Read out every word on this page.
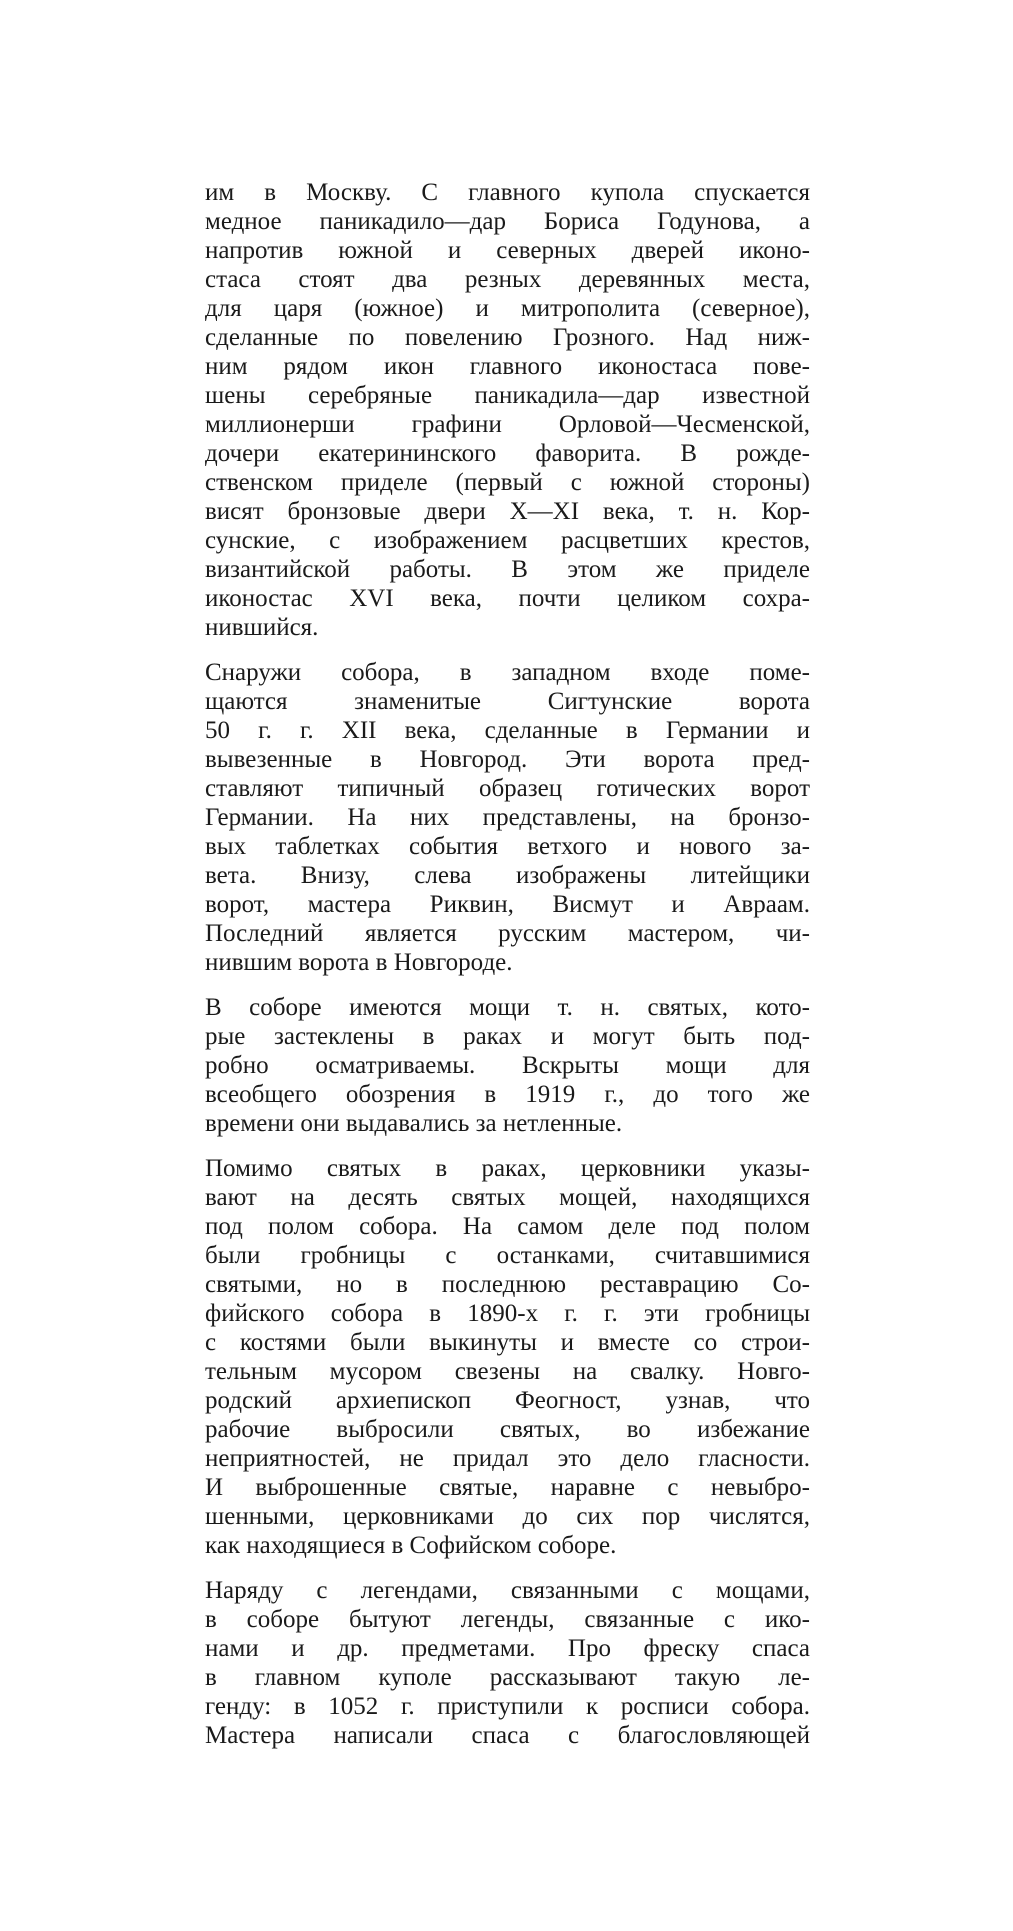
им в Москву. С главного купола спускается
медное паникадило—дар Бориса Годунова, а
напротив южной и северных дверей иконо-
стаса стоят два резных деревянных места,
для царя (южное) и митрополита (северное),
сделанные по повелению Грозного. Над ниж-
ним рядом икон главного иконостаса пове-
шены серебряные паникадила—дар известной
миллионерши графини Орловой—Чесменской,
дочери екатерининского фаворита. В рожде-
ственском приделе (первый с южной стороны)
висят бронзовые двери X—XI века, т. н. Кор-
сунские, с изображением расцветших крестов,
византийской работы. В этом же приделе
иконостас XVI века, почти целиком сохра-
нившийся.
Снаружи собора, в западном входе поме-
щаются знаменитые Сигтунские ворота
50 г. г. XII века, сделанные в Германии и
вывезенные в Новгород. Эти ворота пред-
ставляют типичный образец готических ворот
Германии. На них представлены, на бронзо-
вых таблетках события ветхого и нового за-
вета. Внизу, слева изображены литейщики
ворот, мастера Риквин, Висмут и Авраам.
Последний является русским мастером, чи-
нившим ворота в Новгороде.
В соборе имеются мощи т. н. святых, кото-
рые застеклены в раках и могут быть под-
робно осматриваемы. Вскрыты мощи для
всеобщего обозрения в 1919 г., до того же
времени они выдавались за нетленные.
Помимо святых в раках, церковники указы-
вают на десять святых мощей, находящихся
под полом собора. На самом деле под полом
были гробницы с останками, считавшимися
святыми, но в последнюю реставрацию Со-
фийского собора в 1890-х г. г. эти гробницы
с костями были выкинуты и вместе со строи-
тельным мусором свезены на свалку. Новго-
родский архиепископ Феогност, узнав, что
рабочие выбросили святых, во избежание
неприятностей, не придал это дело гласности.
И выброшенные святые, наравне с невыбро-
шенными, церковниками до сих пор числятся,
как находящиеся в Софийском соборе.
Наряду с легендами, связанными с мощами,
в соборе бытуют легенды, связанные с ико-
нами и др. предметами. Про фреску спаса
в главном куполе рассказывают такую ле-
генду: в 1052 г. приступили к росписи собора.
Мастера написали спаса с благословляющей
